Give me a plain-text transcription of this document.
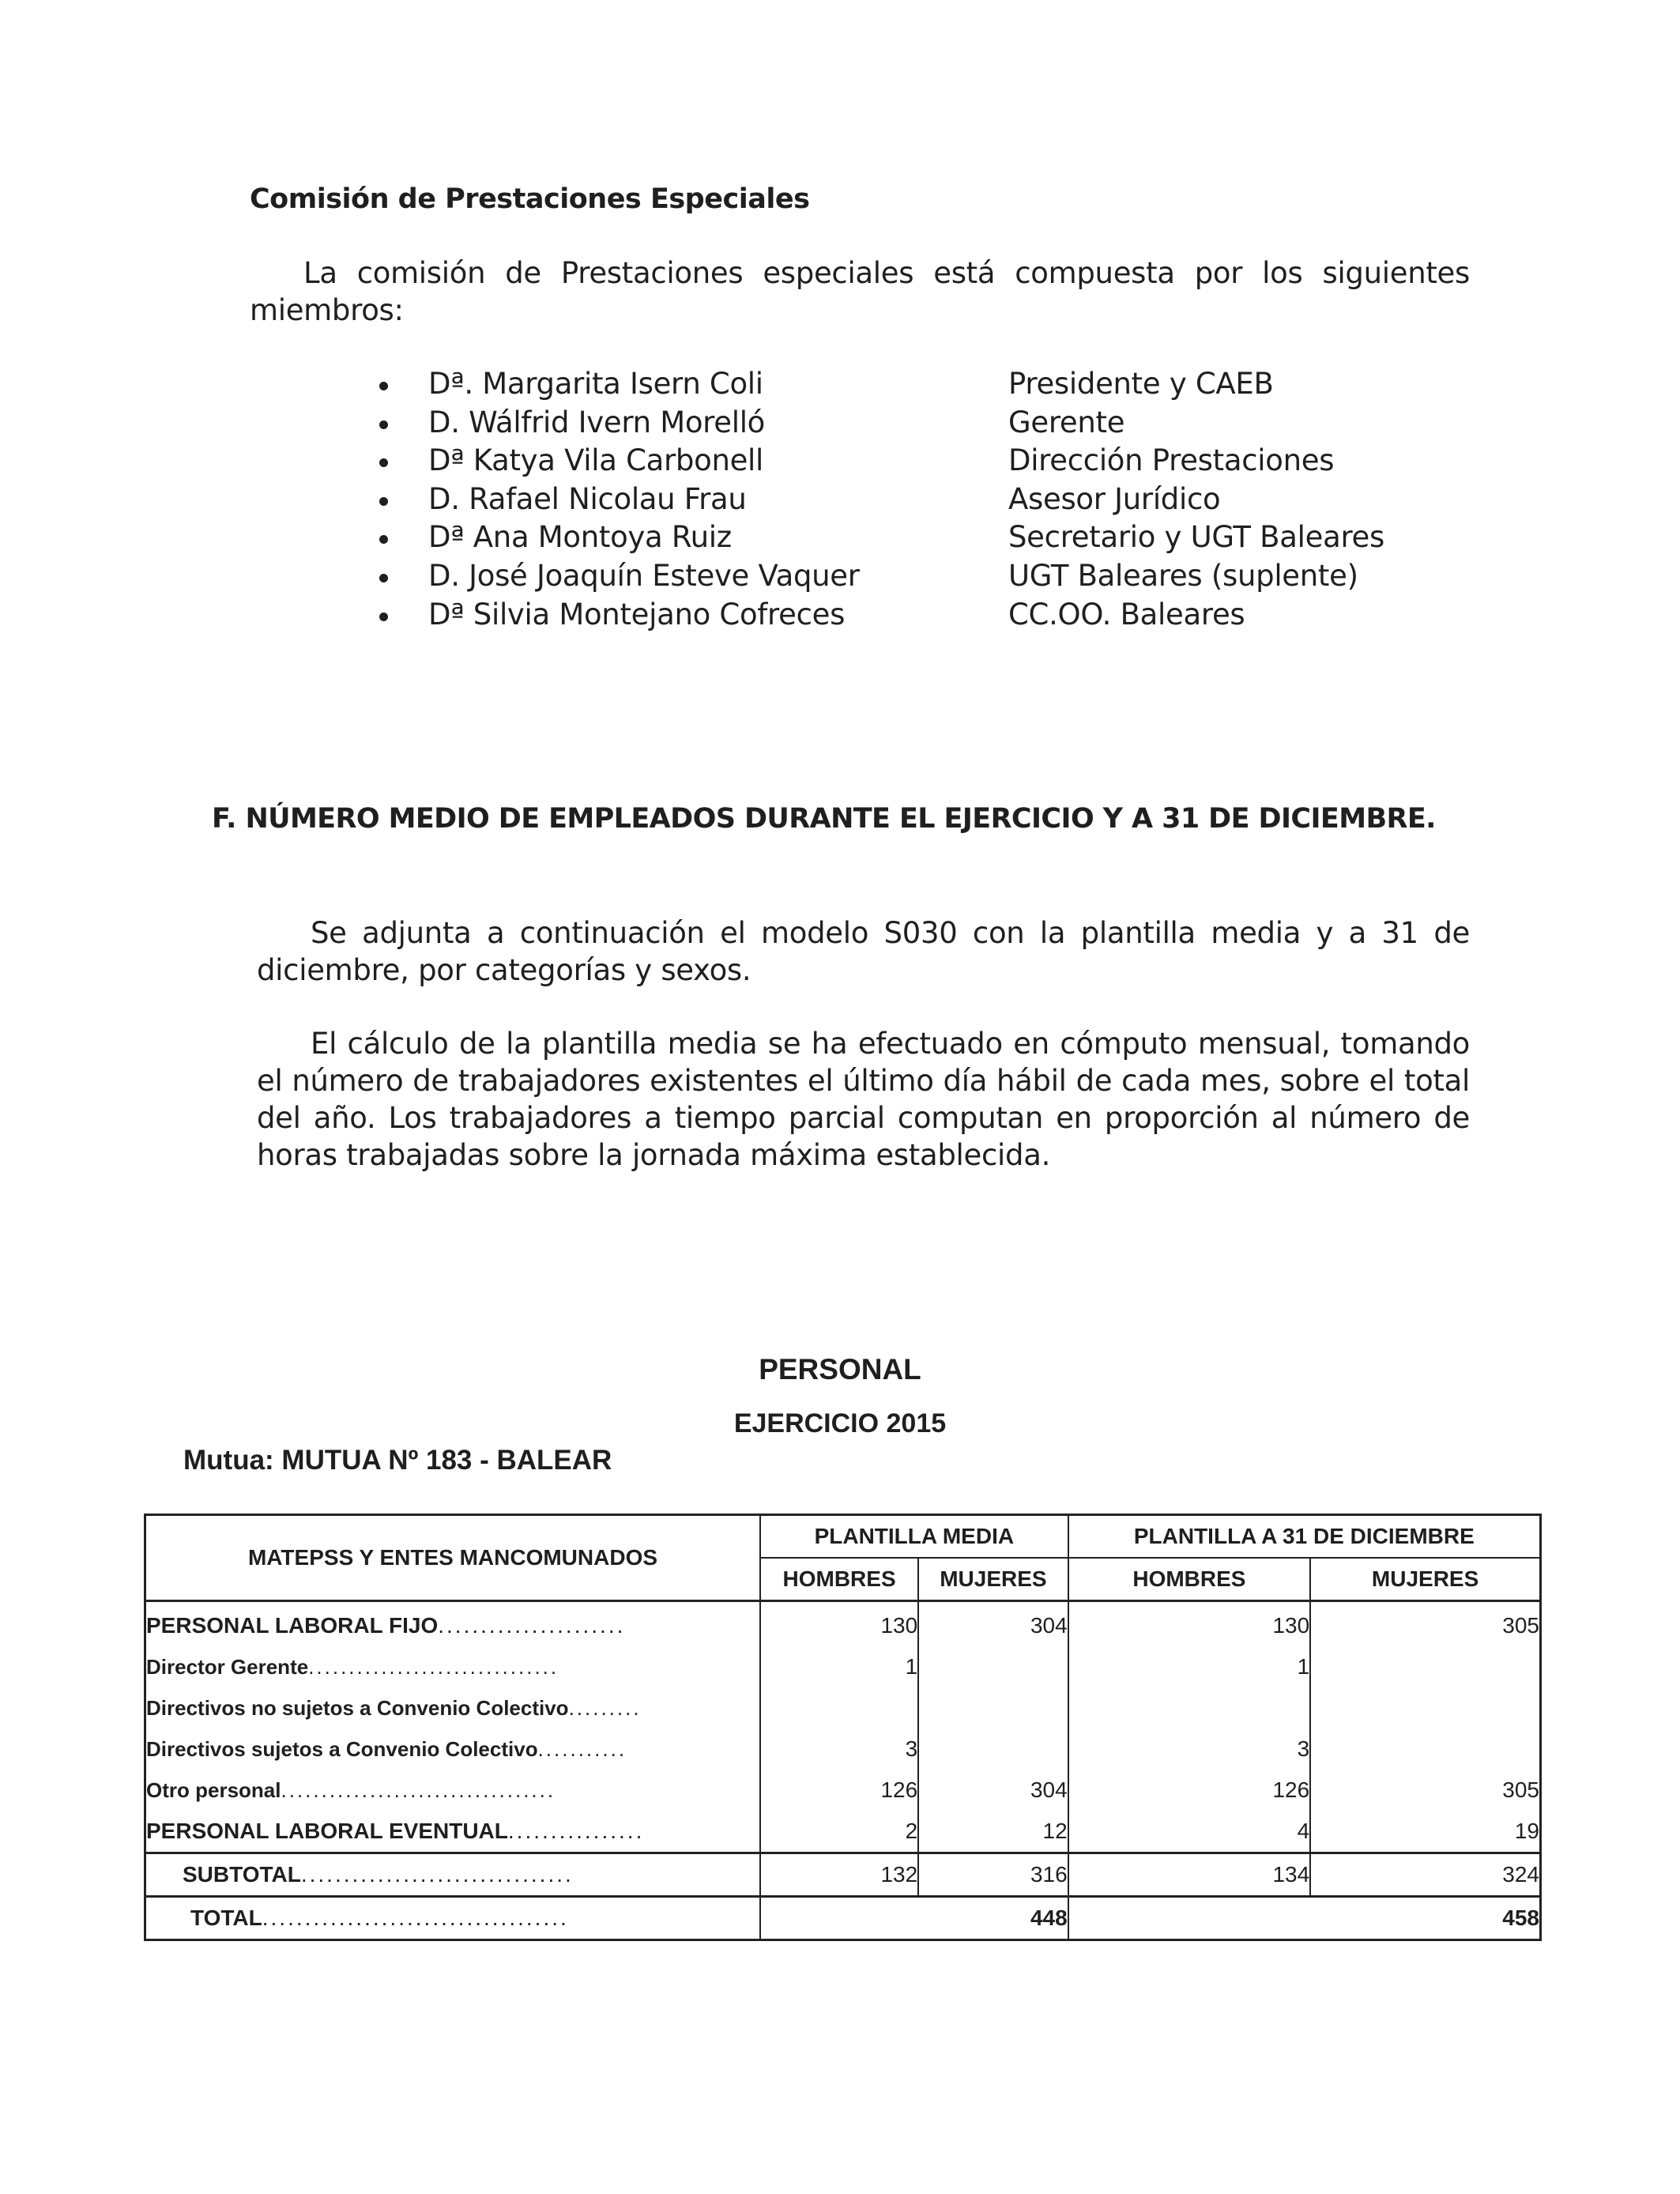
Comisión de Prestaciones Especiales
La comisión de Prestaciones especiales está compuesta por los siguientes miembros:
Dª. Margarita Isern Coli	Presidente y CAEB
D. Wálfrid Ivern Morelló	Gerente
Dª Katya Vila Carbonell	Dirección Prestaciones
D. Rafael Nicolau Frau	Asesor Jurídico
Dª Ana Montoya Ruiz	Secretario y UGT Baleares
D. José Joaquín Esteve Vaquer	UGT Baleares (suplente)
Dª Silvia Montejano Cofreces	CC.OO. Baleares
F. NÚMERO MEDIO DE EMPLEADOS DURANTE EL EJERCICIO Y A 31 DE DICIEMBRE.
Se adjunta a continuación el modelo S030 con la plantilla media y a 31 de diciembre, por categorías y sexos.
El cálculo de la plantilla media se ha efectuado en cómputo mensual, tomando el número de trabajadores existentes el último día hábil de cada mes, sobre el total del año. Los trabajadores a tiempo parcial computan en proporción al número de horas trabajadas sobre la jornada máxima establecida.
PERSONAL
EJERCICIO 2015
Mutua: MUTUA Nº 183 - BALEAR
MATEPSS Y ENTES MANCOMUNADOS	PLANTILLA MEDIA		PLANTILLA A 31 DE DICIEMBRE	
	HOMBRES	MUJERES	HOMBRES	MUJERES
PERSONAL LABORAL FIJO......................	130	304	130	305
Director Gerente...............................	1		1	
Directivos no sujetos a Convenio Colectivo.........				
Directivos sujetos a Convenio Colectivo...........	3		3	
Otro personal..................................	126	304	126	305
PERSONAL LABORAL EVENTUAL................	2	12	4	19
SUBTOTAL................................	132	316	134	324
TOTAL....................................	448		458	
